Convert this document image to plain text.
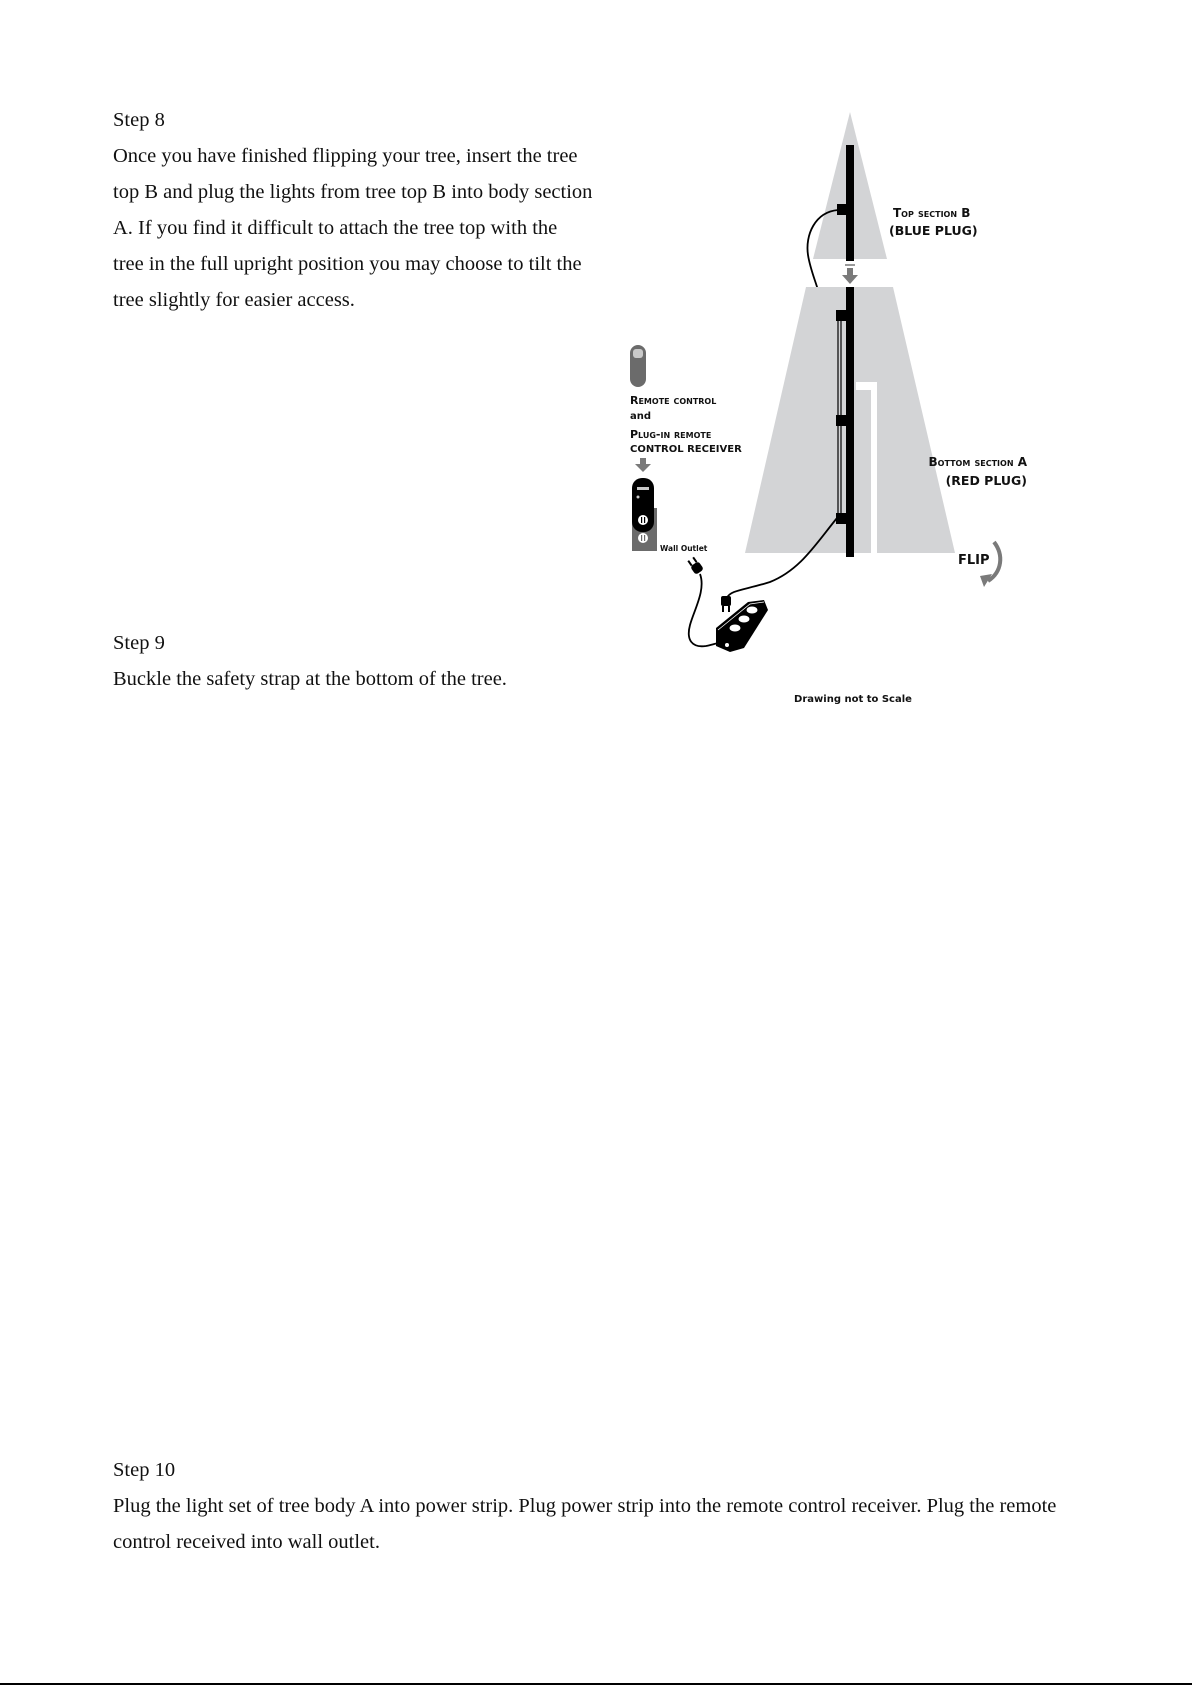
Step 8
Once you have finished flipping your tree, insert the tree top B and plug the lights from tree top B into body section A. If you find it difficult to attach the tree top with the tree in the full upright position you may choose to tilt the tree slightly for easier access.
Step 9
Buckle the safety strap at the bottom of the tree.
Step 10
Plug the light set of tree body A into power strip. Plug power strip into the remote control receiver. Plug the remote control received into wall outlet.
Top section B
(BLUE PLUG)
Bottom section A
(RED PLUG)
FLIP
Remote control
and
Plug-in remote
CONTROL RECEIVER
Wall Outlet
Drawing not to Scale
